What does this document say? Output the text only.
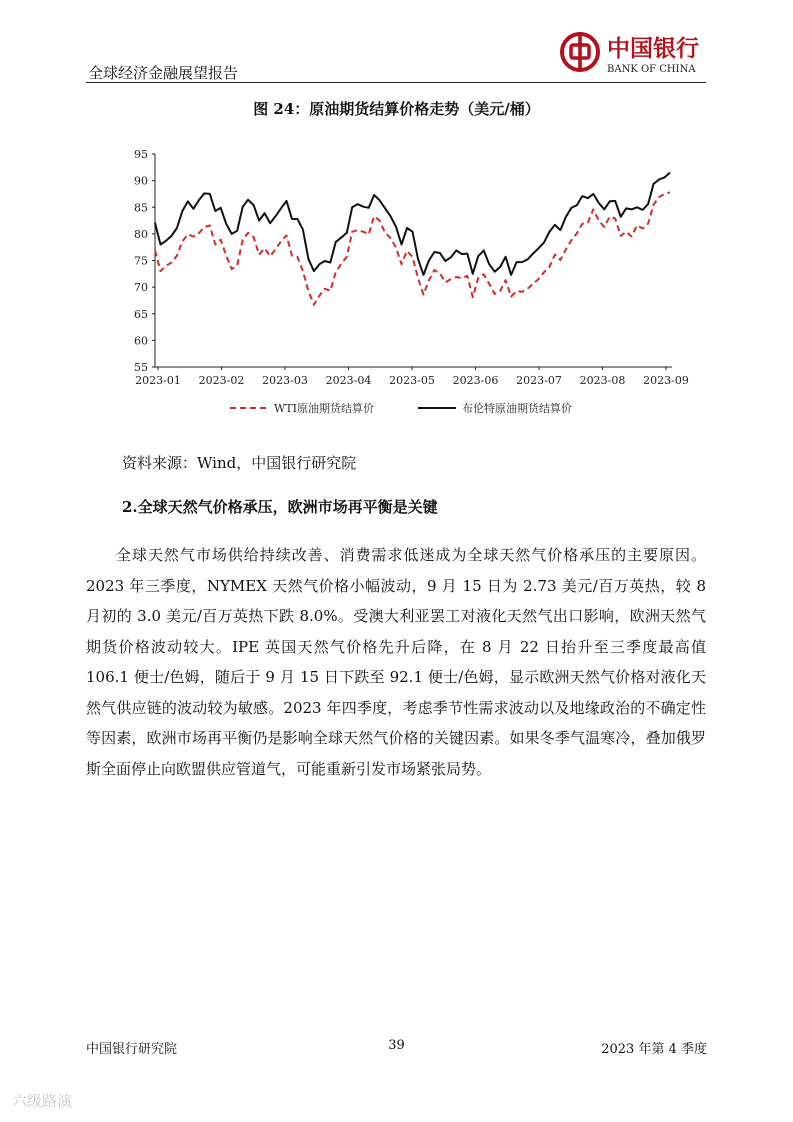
全球经济金融展望报告
中国银行
BANK OF CHINA
图 24：原油期货结算价格走势（美元/桶）
95
90
85
80
75
70
65
60
55
2023-01 2023-02 2023-03 2023-04 2023-05 2023-06 2023-07 2023-08 2023-09
WTI原油期货结算价	布伦特原油期货结算价
资料来源：Wind，中国银行研究院
2.全球天然气价格承压，欧洲市场再平衡是关键
全球天然气市场供给持续改善、消费需求低迷成为全球天然气价格承压的主要原因。2023 年三季度，NYMEX 天然气价格小幅波动，9 月 15 日为 2.73 美元/百万英热，较 8 月初的 3.0 美元/百万英热下跌 8.0%。受澳大利亚罢工对液化天然气出口影响，欧洲天然气期货价格波动较大。IPE 英国天然气价格先升后降，在 8 月 22 日抬升至三季度最高值 106.1 便士/色姆，随后于 9 月 15 日下跌至 92.1 便士/色姆，显示欧洲天然气价格对液化天然气供应链的波动较为敏感。2023 年四季度，考虑季节性需求波动以及地缘政治的不确定性等因素，欧洲市场再平衡仍是影响全球天然气价格的关键因素。如果冬季气温寒冷，叠加俄罗斯全面停止向欧盟供应管道气，可能重新引发市场紧张局势。
中国银行研究院	39	2023 年第 4 季度
六级路演
